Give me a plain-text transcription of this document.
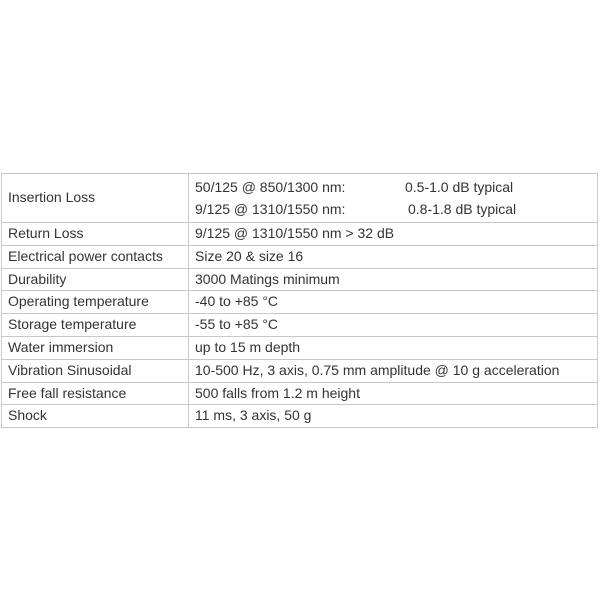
Insertion Loss	50/125 @ 850/1300 nm: 0.5-1.0 dB typical
9/125 @ 1310/1550 nm: 0.8-1.8 dB typical

Return Loss	9/125 @ 1310/1550 nm > 32 dB
Electrical power contacts	Size 20 & size 16
Durability	3000 Matings minimum
Operating temperature	-40 to +85 °C
Storage temperature	-55 to +85 °C
Water immersion	up to 15 m depth
Vibration Sinusoidal	10-500 Hz, 3 axis, 0.75 mm amplitude @ 10 g acceleration
Free fall resistance	500 falls from 1.2 m height
Shock	11 ms, 3 axis, 50 g
